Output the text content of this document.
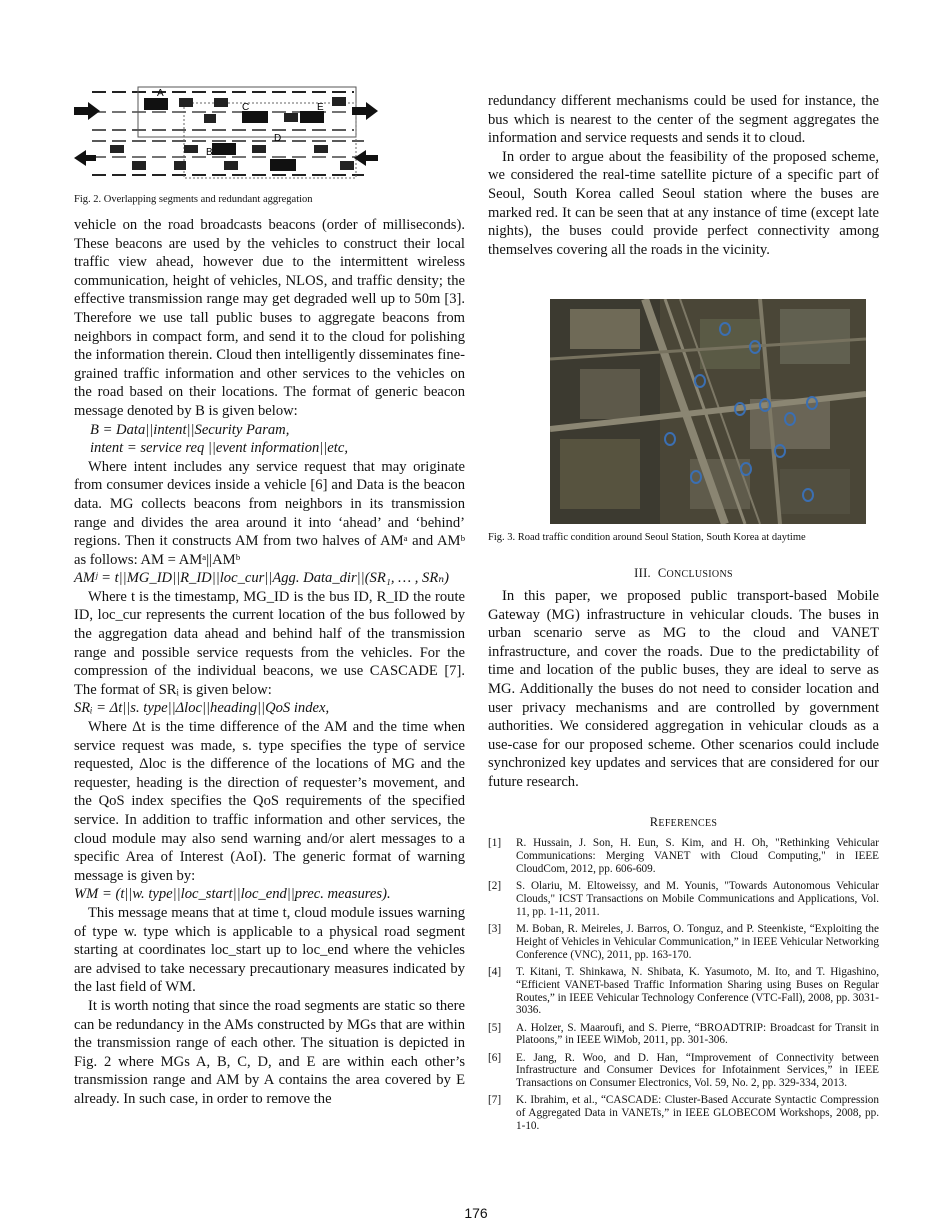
A
C	E
D
B

Fig. 2. Overlapping segments and redundant aggregation

vehicle on the road broadcasts beacons (order of milliseconds). These beacons are used by the vehicles to construct their local traffic view ahead, however due to the intermittent wireless communication, height of vehicles, NLOS, and traffic density; the effective transmission range may get degraded well up to 50m [3]. Therefore we use tall public buses to aggregate beacons from neighbors in compact form, and send it to the cloud for polishing the information therein. Cloud then intelligently disseminates fine-grained traffic information and other services to the vehicles on the road based on their locations. The format of generic beacon message denoted by B is given below:

B = Data||intent||Security Param,

intent = service req ||event information||etc,

Where intent includes any service request that may originate from consumer devices inside a vehicle [6] and Data is the beacon data. MG collects beacons from neighbors in its transmission range and divides the area around it into ‘ahead’ and ‘behind’ regions. Then it constructs AM from two halves of AMᵃ and AMᵇ as follows: AM = AMᵃ||AMᵇ

AMʲ = t||MG_ID||R_ID||loc_cur||Agg. Data_dir||(SR₁, … , SRₙ)

Where t is the timestamp, MG_ID is the bus ID, R_ID the route ID, loc_cur represents the current location of the bus followed by the aggregation data ahead and behind half of the transmission range and possible service requests from the vehicles. For the compression of the individual beacons, we use CASCADE [7]. The format of SRᵢ is given below:

SRᵢ = Δt||s. type||Δloc||heading||QoS index,

Where Δt is the time difference of the AM and the time when service request was made, s. type specifies the type of service requested, Δloc is the difference of the locations of MG and the requester, heading is the direction of requester’s movement, and the QoS index specifies the QoS requirements of the specified service. In addition to traffic information and other services, the cloud module may also send warning and/or alert messages to a specific Area of Interest (AoI). The generic format of warning message is given by:

WM = (t||w. type||loc_start||loc_end||prec. measures).

This message means that at time t, cloud module issues warning of type w. type which is applicable to a physical road segment starting at coordinates loc_start up to loc_end where the vehicles are advised to take necessary precautionary measures indicated by the last field of WM.

It is worth noting that since the road segments are static so there can be redundancy in the AMs constructed by MGs that are within the transmission range of each other. The situation is depicted in Fig. 2 where MGs A, B, C, D, and E are within each other’s transmission range and AM by A contains the area covered by E already. In such case, in order to remove the

redundancy different mechanisms could be used for instance, the bus which is nearest to the center of the segment aggregates the information and service requests and sends it to cloud.

In order to argue about the feasibility of the proposed scheme, we considered the real-time satellite picture of a specific part of Seoul, South Korea called Seoul station where the buses are marked red. It can be seen that at any instance of time (except late nights), the buses could provide perfect connectivity among themselves covering all the roads in the vicinity.

Fig. 3. Road traffic condition around Seoul Station, South Korea at daytime

III. CONCLUSIONS

In this paper, we proposed public transport-based Mobile Gateway (MG) infrastructure in vehicular clouds. The buses in urban scenario serve as MG to the cloud and VANET infrastructure, and cover the roads. Due to the predictability of time and location of the public buses, they are ideal to serve as MG. Additionally the buses do not need to consider location and user privacy mechanisms and are controlled by government authorities. We considered aggregation in vehicular clouds as a use-case for our proposed scheme. Other scenarios could include synchronized key updates and services that are considered for our future research.

REFERENCES

[1] R. Hussain, J. Son, H. Eun, S. Kim, and H. Oh, "Rethinking Vehicular Communications: Merging VANET with Cloud Computing," in IEEE CloudCom, 2012, pp. 606-609.
[2] S. Olariu, M. Eltoweissy, and M. Younis, "Towards Autonomous Vehicular Clouds," ICST Transactions on Mobile Communications and Applications, Vol. 11, pp. 1-11, 2011.
[3] M. Boban, R. Meireles, J. Barros, O. Tonguz, and P. Steenkiste, “Exploiting the Height of Vehicles in Vehicular Communication,” in IEEE Vehicular Networking Conference (VNC), 2011, pp. 163-170.
[4] T. Kitani, T. Shinkawa, N. Shibata, K. Yasumoto, M. Ito, and T. Higashino, “Efficient VANET-based Traffic Information Sharing using Buses on Regular Routes,” in IEEE Vehicular Technology Conference (VTC-Fall), 2008, pp. 3031-3036.
[5] A. Holzer, S. Maaroufi, and S. Pierre, “BROADTRIP: Broadcast for Transit in Platoons,” in IEEE WiMob, 2011, pp. 301-306.
[6] E. Jang, R. Woo, and D. Han, “Improvement of Connectivity between Infrastructure and Consumer Devices for Infotainment Services,” in IEEE Transactions on Consumer Electronics, Vol. 59, No. 2, pp. 329-334, 2013.
[7] K. Ibrahim, et al., “CASCADE: Cluster-Based Accurate Syntactic Compression of Aggregated Data in VANETs,” in IEEE GLOBECOM Workshops, 2008, pp. 1-10.
176
